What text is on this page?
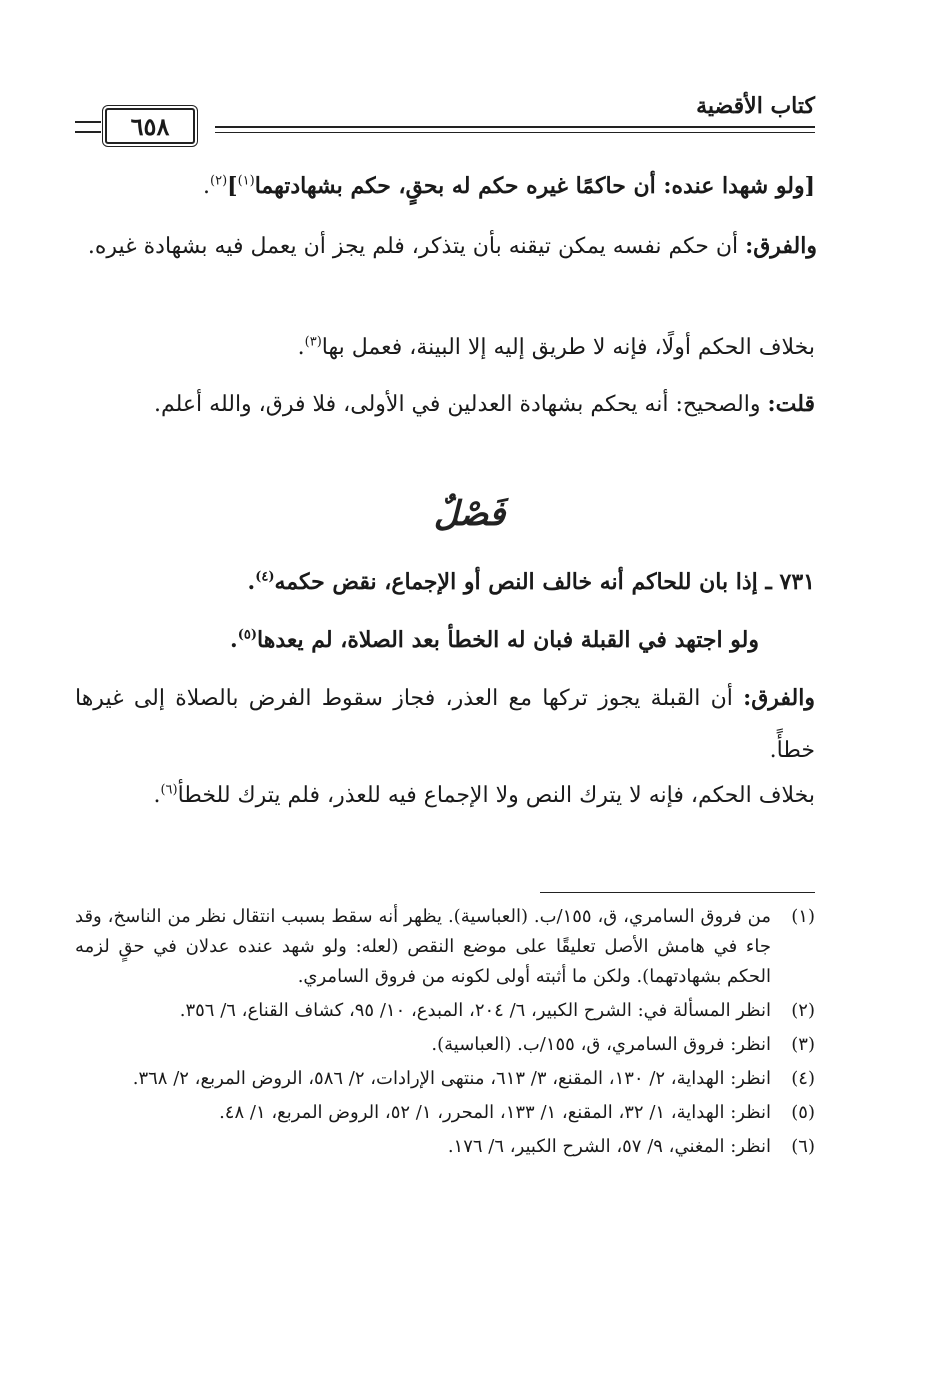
كتاب الأقضية
٦٥٨
[ولو شهدا عنده: أن حاكمًا غيره حكم له بحقٍ، حكم بشهادتهما$^{(١)}$]$^{(٢)}$.
والفرق: أن حكم نفسه يمكن تيقنه بأن يتذكر، فلم يجز أن يعمل فيه بشهادة غيره.
بخلاف الحكم أولًا، فإنه لا طريق إليه إلا البينة، فعمل بها$^{(٣)}$.
قلت: والصحيح: أنه يحكم بشهادة العدلين في الأولى، فلا فرق، والله أعلم.
فَصْلٌ
٧٣١ ـ إذا بان للحاكم أنه خالف النص أو الإجماع، نقض حكمه$^{(٤)}$.
ولو اجتهد في القبلة فبان له الخطأ بعد الصلاة، لم يعدها$^{(٥)}$.
والفرق: أن القبلة يجوز تركها مع العذر، فجاز سقوط الفرض بالصلاة إلى غيرها خطأً.
بخلاف الحكم، فإنه لا يترك النص ولا الإجماع فيه للعذر، فلم يترك للخطأ$^{(٦)}$.
(١)
من فروق السامري، ق، ١٥٥/ب. (العباسية). يظهر أنه سقط بسبب انتقال نظر من الناسخ، وقد جاء في هامش الأصل تعليقًا على موضع النقص (لعله: ولو شهد عنده عدلان في حقٍ لزمه الحكم بشهادتهما). ولكن ما أثبته أولى لكونه من فروق السامري.
(٢)
انظر المسألة في: الشرح الكبير، ٦/ ٢٠٤، المبدع، ١٠/ ٩٥، كشاف القناع، ٦/ ٣٥٦.
(٣)
انظر: فروق السامري، ق، ١٥٥/ب. (العباسية).
(٤)
انظر: الهداية، ٢/ ١٣٠، المقنع، ٣/ ٦١٣، منتهى الإرادات، ٢/ ٥٨٦، الروض المربع، ٢/ ٣٦٨.
(٥)
انظر: الهداية، ١/ ٣٢، المقنع، ١/ ١٣٣، المحرر، ١/ ٥٢، الروض المربع، ١/ ٤٨.
(٦)
انظر: المغني، ٩/ ٥٧، الشرح الكبير، ٦/ ١٧٦.
